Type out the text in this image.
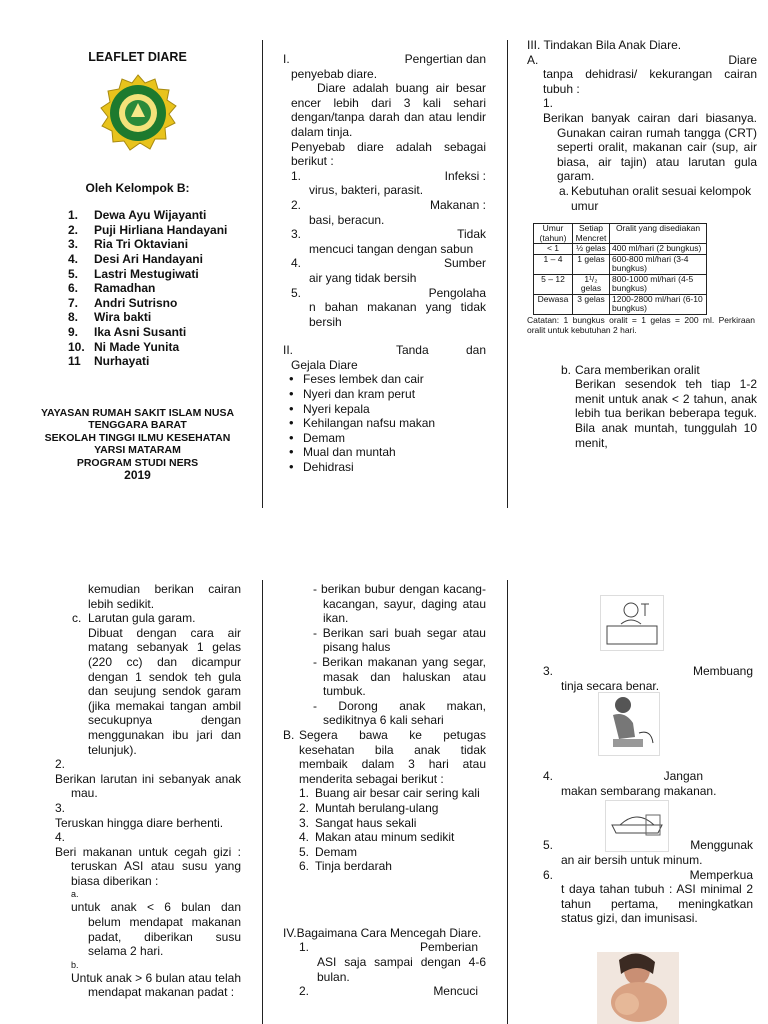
LEAFLET DIARE
Oleh Kelompok B:
1.	Dewa Ayu Wijayanti
2.	Puji Hirliana Handayani
3.	Ria Tri Oktaviani
4.	Desi Ari Handayani
5.	Lastri Mestugiwati
6.	Ramadhan
7.	Andri Sutrisno
8.	Wira bakti
9.	Ika Asni Susanti
10. Ni Made Yunita
11	Nurhayati
YAYASAN RUMAH SAKIT ISLAM NUSA
TENGGARA BARAT
SEKOLAH TINGGI ILMU KESEHATAN
YARSI MATARAM
PROGRAM STUDI NERS
2019
I.	Pengertian dan
penyebab diare.
Diare adalah buang air besar encer lebih dari 3 kali sehari dengan/tanpa darah dan atau lendir dalam tinja.
Penyebab diare adalah sebagai berikut :
1.	Infeksi :
virus, bakteri, parasit.
2.	Makanan :
basi, beracun.
3.	Tidak
mencuci tangan dengan sabun
4.	Sumber
air yang tidak bersih
5.	Pengolaha
n bahan makanan yang tidak bersih
II.	Tanda dan
Gejala Diare
• Feses lembek dan cair
• Nyeri dan kram perut
• Nyeri kepala
• Kehilangan nafsu makan
• Demam
• Mual dan muntah
• Dehidrasi
III. Tindakan Bila Anak Diare.
A.	Diare
tanpa dehidrasi/ kekurangan cairan tubuh :
1.
Berikan banyak cairan dari biasanya. Gunakan cairan rumah tangga (CRT) seperti oralit, makanan cair (sup, air biasa, air tajin) atau larutan gula garam.
a. Kebutuhan oralit sesuai kelompok umur
Umur (tahun)	Setiap Mencret	Oralit yang disediakan
< 1	½ gelas	400 ml/hari (2 bungkus)
1 – 4	1 gelas	600-800 ml/hari (3-4 bungkus)
5 – 12	1¹/₂ gelas	800-1000 ml/hari (4-5 bungkus)
Dewasa	3 gelas	1200-2800 ml/hari (6-10 bungkus)
Catatan: 1 bungkus oralit = 1 gelas = 200 ml. Perkiraan oralit untuk kebutuhan 2 hari.
b. Cara memberikan oralit
Berikan sesendok teh tiap 1-2 menit untuk anak < 2 tahun, anak lebih tua berikan beberapa teguk. Bila anak muntah, tunggulah 10 menit,
kemudian berikan cairan lebih sedikit.
c. Larutan gula garam.
Dibuat dengan cara air matang sebanyak 1 gelas (220 cc) dan dicampur dengan 1 sendok teh gula dan seujung sendok garam (jika memakai tangan ambil secukupnya dengan menggunakan ibu jari dan telunjuk).
2.
Berikan larutan ini sebanyak anak mau.
3.
Teruskan hingga diare berhenti.
4.
Beri makanan untuk cegah gizi : teruskan ASI atau susu yang biasa diberikan :
a.
untuk anak < 6 bulan dan belum mendapat makanan padat, diberikan susu selama 2 hari.
b.
Untuk anak > 6 bulan atau telah mendapat makanan padat :
- berikan bubur dengan kacang-kacangan, sayur, daging atau ikan.
- Berikan sari buah segar atau pisang halus
- Berikan makanan yang segar, masak dan haluskan atau tumbuk.
- Dorong anak makan, sedikitnya 6 kali sehari
B. Segera bawa ke petugas kesehatan bila anak tidak membaik dalam 3 hari atau menderita sebagai berikut :
1. Buang air besar cair sering kali
2. Muntah berulang-ulang
3. Sangat haus sekali
4. Makan atau minum sedikit
5. Demam
6. Tinja berdarah
IV.Bagaimana Cara Mencegah Diare.
1.	Pemberian
ASI saja sampai dengan 4-6 bulan.
2.	Mencuci
3.	Membuang
tinja secara benar.
4.	Jangan
makan sembarang makanan.
5.	Menggunak
an air bersih untuk minum.
6.	Memperkua
t daya tahan tubuh : ASI minimal 2 tahun pertama, meningkatkan status gizi, dan imunisasi.
